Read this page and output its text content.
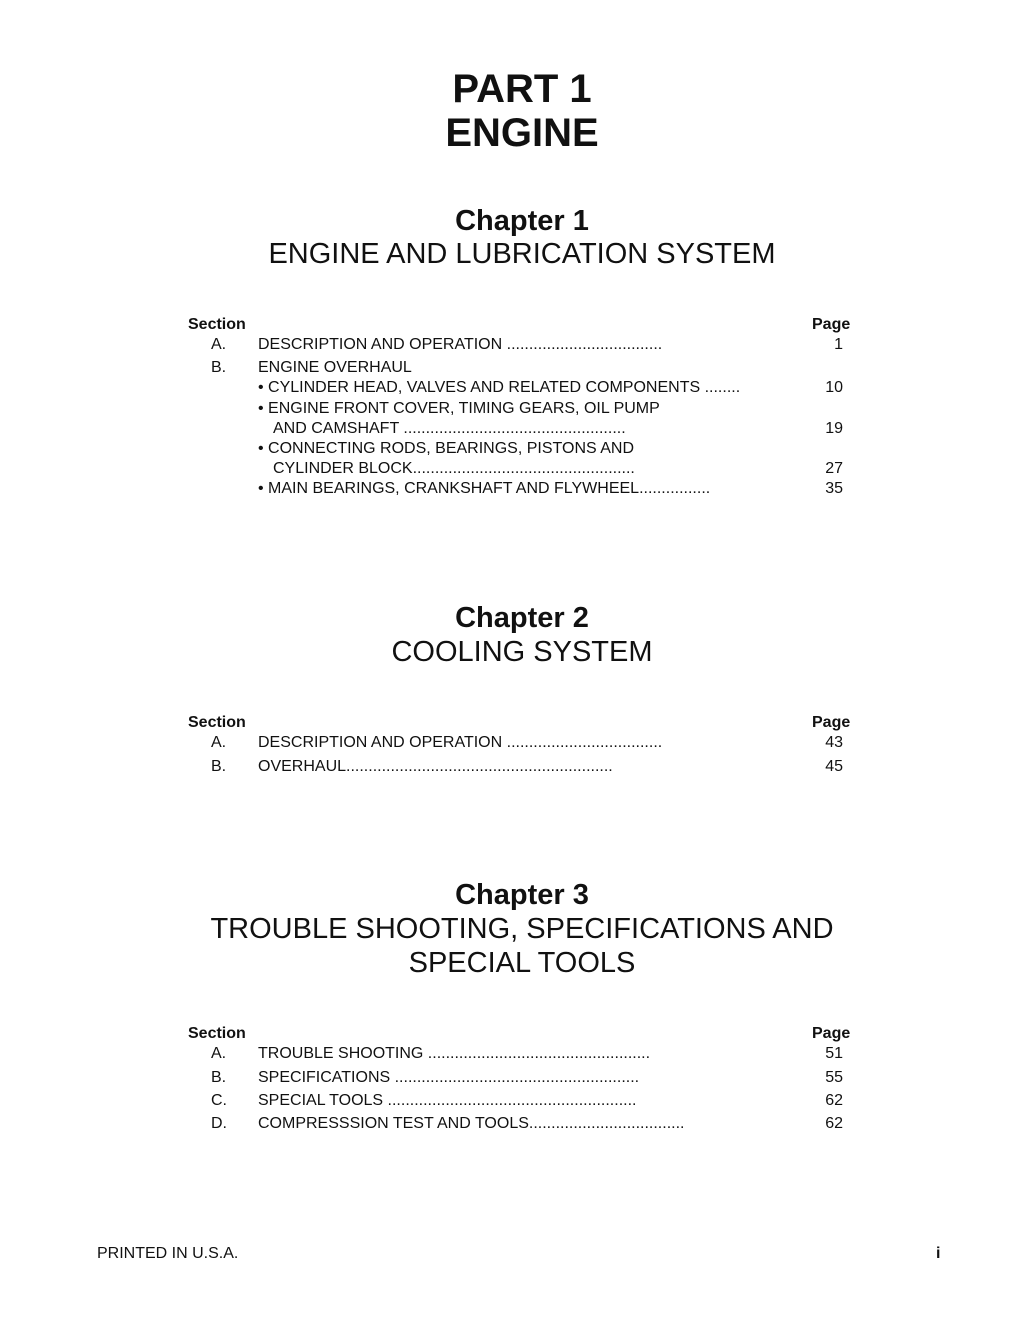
PART 1
ENGINE
Chapter 1
ENGINE AND LUBRICATION SYSTEM
Section	Page
A. DESCRIPTION AND OPERATION ...................................	1
B. ENGINE OVERHAUL
• CYLINDER HEAD, VALVES AND RELATED COMPONENTS ........	10
• ENGINE FRONT COVER, TIMING GEARS, OIL PUMP
AND CAMSHAFT ..................................................	19
• CONNECTING RODS, BEARINGS, PISTONS AND
CYLINDER BLOCK..................................................	27
• MAIN BEARINGS, CRANKSHAFT AND FLYWHEEL................	35
Chapter 2
COOLING SYSTEM
Section	Page
A. DESCRIPTION AND OPERATION ...................................	43
B. OVERHAUL............................................................	45
Chapter 3
TROUBLE SHOOTING, SPECIFICATIONS AND
SPECIAL TOOLS
Section	Page
A. TROUBLE SHOOTING ..................................................	51
B. SPECIFICATIONS .......................................................	55
C. SPECIAL TOOLS ........................................................	62
D. COMPRESSSION TEST AND TOOLS...................................	62
PRINTED IN U.S.A.	i
